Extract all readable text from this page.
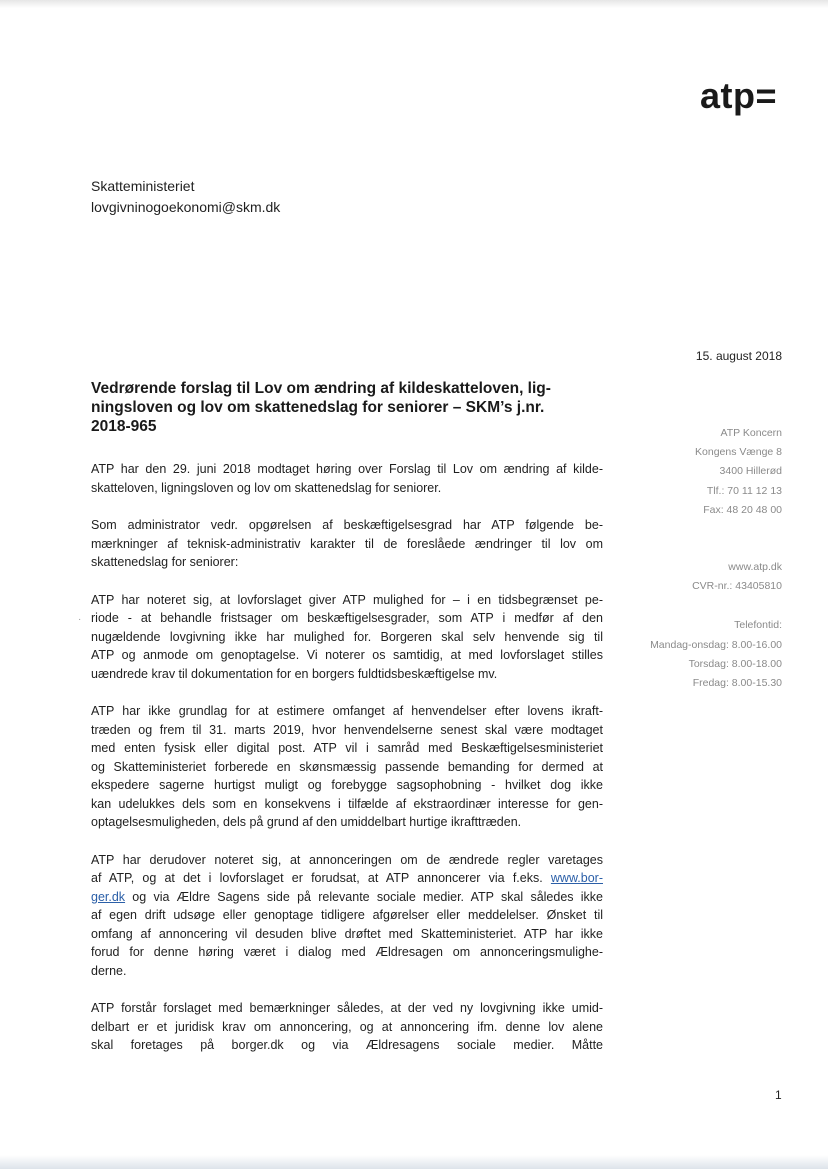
atp=
Skatteministeriet
lovgivninogoekonomi@skm.dk
15. august 2018
Vedrørende forslag til Lov om ændring af kildeskatteloven, lig-
ningsloven og lov om skattenedslag for seniorer – SKM’s j.nr.
2018-965	ATP Koncern
Kongens Vænge 8
3400 Hillerød
Tlf.: 70 11 12 13
Fax: 48 20 48 00
www.atp.dk
CVR-nr.: 43405810
Telefontid:
Mandag-onsdag: 8.00-16.00
Torsdag: 8.00-18.00
Fredag: 8.00-15.30
·
ATP har den 29. juni 2018 modtaget høring over Forslag til Lov om ændring af kilde-
skatteloven, ligningsloven og lov om skattenedslag for seniorer.
Som administrator vedr. opgørelsen af beskæftigelsesgrad har ATP følgende be-
mærkninger af teknisk-administrativ karakter til de foreslåede ændringer til lov om
skattenedslag for seniorer:
ATP har noteret sig, at lovforslaget giver ATP mulighed for – i en tidsbegrænset pe-
riode - at behandle fristsager om beskæftigelsesgrader, som ATP i medfør af den
nugældende lovgivning ikke har mulighed for. Borgeren skal selv henvende sig til
ATP og anmode om genoptagelse. Vi noterer os samtidig, at med lovforslaget stilles
uændrede krav til dokumentation for en borgers fuldtidsbeskæftigelse mv.
ATP har ikke grundlag for at estimere omfanget af henvendelser efter lovens ikraft-
træden og frem til 31. marts 2019, hvor henvendelserne senest skal være modtaget
med enten fysisk eller digital post. ATP vil i samråd med Beskæftigelsesministeriet
og Skatteministeriet forberede en skønsmæssig passende bemanding for dermed at
ekspedere sagerne hurtigst muligt og forebygge sagsophobning - hvilket dog ikke
kan udelukkes dels som en konsekvens i tilfælde af ekstraordinær interesse for gen-
optagelsesmuligheden, dels på grund af den umiddelbart hurtige ikrafttræden.
ATP har derudover noteret sig, at annonceringen om de ændrede regler varetages
af ATP, og at det i lovforslaget er forudsat, at ATP annoncerer via f.eks. www.bor-
ger.dk og via Ældre Sagens side på relevante sociale medier. ATP skal således ikke
af egen drift udsøge eller genoptage tidligere afgørelser eller meddelelser. Ønsket til
omfang af annoncering vil desuden blive drøftet med Skatteministeriet. ATP har ikke
forud for denne høring været i dialog med Ældresagen om annonceringsmulighe-
derne.
ATP forstår forslaget med bemærkninger således, at der ved ny lovgivning ikke umid-
delbart er et juridisk krav om annoncering, og at annoncering ifm. denne lov alene
skal foretages på borger.dk og via Ældresagens sociale medier. Måtte
1
